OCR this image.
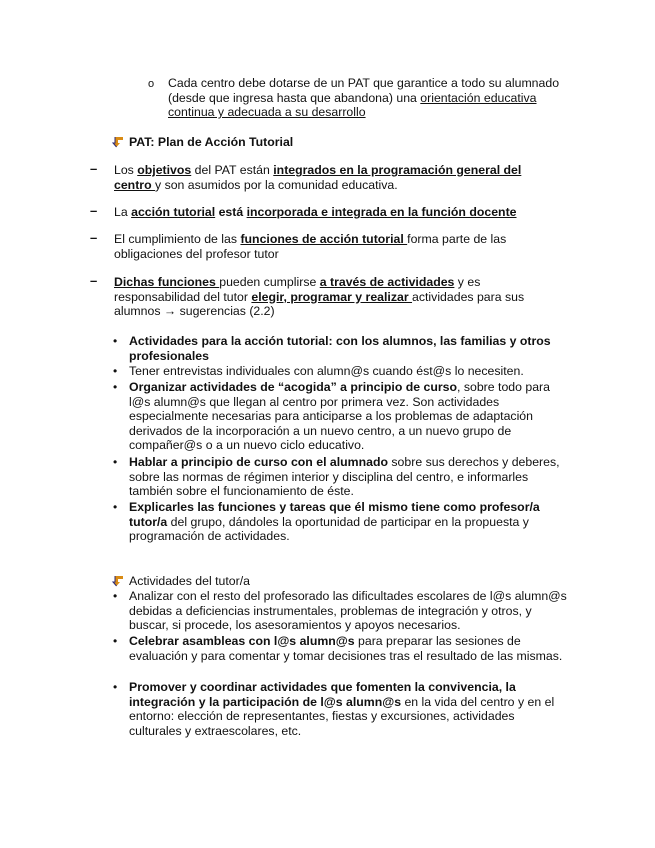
o Cada centro debe dotarse de un PAT que garantice a todo su alumnado (desde que ingresa hasta que abandona) una orientación educativa continua y adecuada a su desarrollo

PAT: Plan de Acción Tutorial

– Los objetivos del PAT están integrados en la programación general del centro y son asumidos por la comunidad educativa.

– La acción tutorial está incorporada e integrada en la función docente

– El cumplimiento de las funciones de acción tutorial forma parte de las obligaciones del profesor tutor

– Dichas funciones pueden cumplirse a través de actividades y es responsabilidad del tutor elegir, programar y realizar actividades para sus alumnos → sugerencias (2.2)

• Actividades para la acción tutorial: con los alumnos, las familias y otros profesionales

• Tener entrevistas individuales con alumn@s cuando ést@s lo necesiten.

• Organizar actividades de “acogida” a principio de curso, sobre todo para l@s alumn@s que llegan al centro por primera vez. Son actividades especialmente necesarias para anticiparse a los problemas de adaptación derivados de la incorporación a un nuevo centro, a un nuevo grupo de compañer@s o a un nuevo ciclo educativo.

• Hablar a principio de curso con el alumnado sobre sus derechos y deberes, sobre las normas de régimen interior y disciplina del centro, e informarles también sobre el funcionamiento de éste.

• Explicarles las funciones y tareas que él mismo tiene como profesor/a tutor/a del grupo, dándoles la oportunidad de participar en la propuesta y programación de actividades.

Actividades del tutor/a

• Analizar con el resto del profesorado las dificultades escolares de l@s alumn@s debidas a deficiencias instrumentales, problemas de integración y otros, y buscar, si procede, los asesoramientos y apoyos necesarios.

• Celebrar asambleas con l@s alumn@s para preparar las sesiones de evaluación y para comentar y tomar decisiones tras el resultado de las mismas.

• Promover y coordinar actividades que fomenten la convivencia, la integración y la participación de l@s alumn@s en la vida del centro y en el entorno: elección de representantes, fiestas y excursiones, actividades culturales y extraescolares, etc.
